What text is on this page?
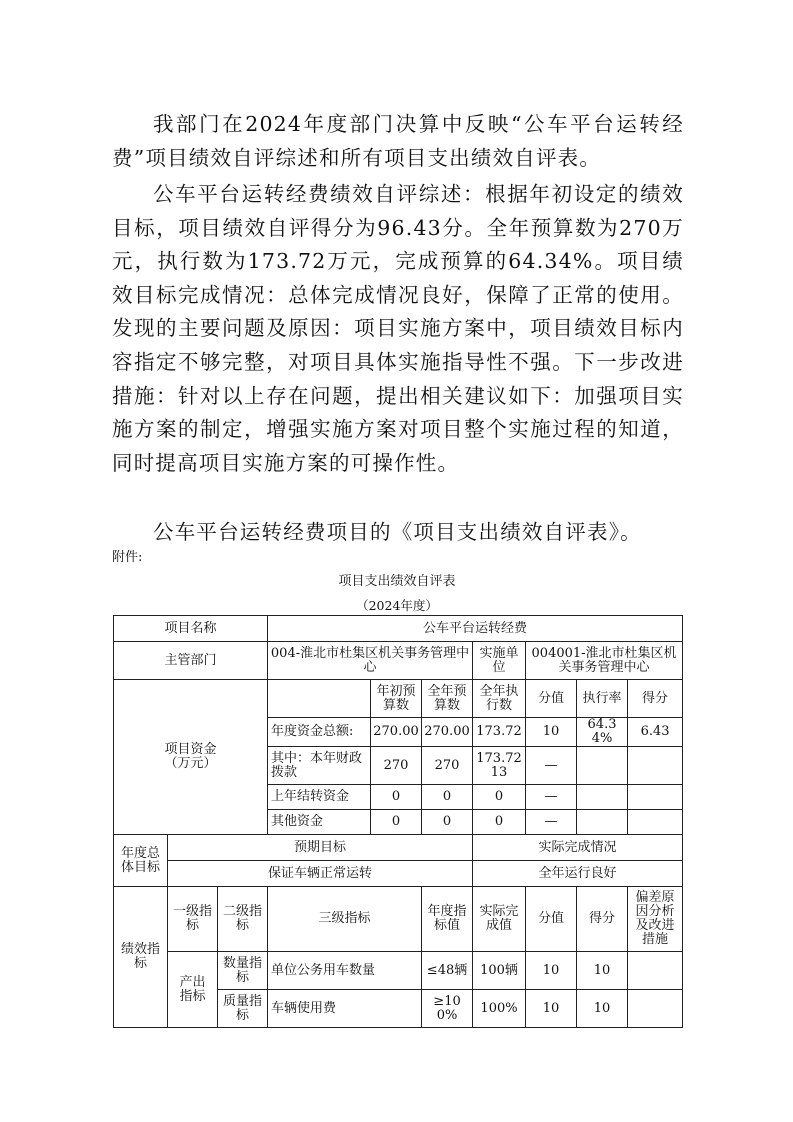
我部门在2024年度部门决算中反映“公车平台运转经费”项目绩效自评综述和所有项目支出绩效自评表。

公车平台运转经费绩效自评综述：根据年初设定的绩效目标，项目绩效自评得分为96.43分。全年预算数为270万元，执行数为173.72万元，完成预算的64.34%。项目绩效目标完成情况：总体完成情况良好，保障了正常的使用。发现的主要问题及原因：项目实施方案中，项目绩效目标内容指定不够完整，对项目具体实施指导性不强。下一步改进措施：针对以上存在问题，提出相关建议如下：加强项目实施方案的制定，增强实施方案对项目整个实施过程的知道，同时提高项目实施方案的可操作性。

公车平台运转经费项目的《项目支出绩效自评表》。

附件:
项目支出绩效自评表
（2024年度）
项目名称			公车平台运转经费						
主管部门			004-淮北市杜集区机关事务管理中心			实施单位	004001-淮北市杜集区机关事务管理中心		

项目资金（万元）				年初预算数	全年预算数	全年执行数	分值	执行率	得分
			年度资金总额:	270.00	270.00	173.72	10	64.34%	6.43
			其中：本年财政拨款	270	270	173.7213	—		
			上年结转资金	0	0	0	—		
			其他资金	0	0	0	—		
年度总体目标	预期目标					实际完成情况			
	保证车辆正常运转					全年运行良好			
绩效指标	一级指标	二级指标	三级指标		年度指标值	实际完成值	分值	得分	偏差原因分析及改进措施

	产出指标	数量指标	单位公务用车数量		≤48辆	100辆	10	10	
		质量指标	车辆使用费		≥100%	100%	10	10	
